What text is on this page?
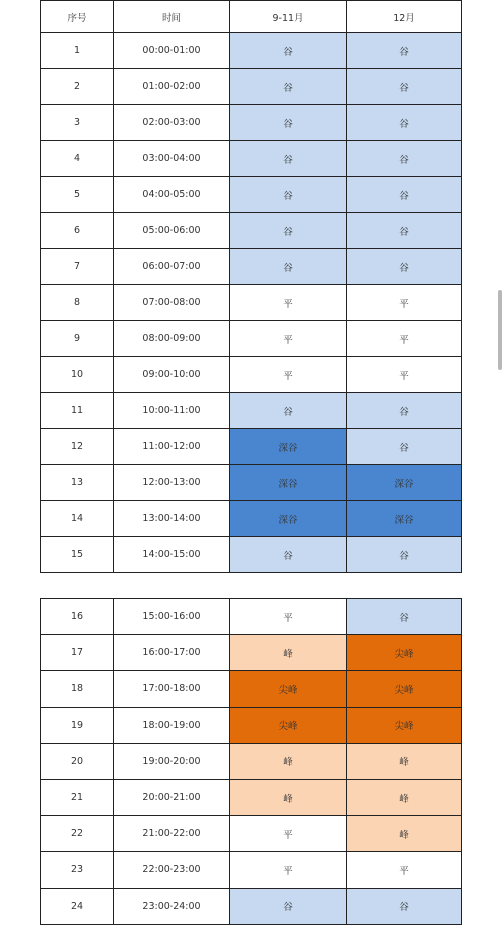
序号	时间	9-11月	12月
1	00:00-01:00	谷	谷
2	01:00-02:00	谷	谷
3	02:00-03:00	谷	谷
4	03:00-04:00	谷	谷
5	04:00-05:00	谷	谷
6	05:00-06:00	谷	谷
7	06:00-07:00	谷	谷
8	07:00-08:00	平	平
9	08:00-09:00	平	平
10	09:00-10:00	平	平
11	10:00-11:00	谷	谷
12	11:00-12:00	深谷	谷
13	12:00-13:00	深谷	深谷
14	13:00-14:00	深谷	深谷
15	14:00-15:00	谷	谷
16	15:00-16:00	平	谷
17	16:00-17:00	峰	尖峰
18	17:00-18:00	尖峰	尖峰
19	18:00-19:00	尖峰	尖峰
20	19:00-20:00	峰	峰
21	20:00-21:00	峰	峰
22	21:00-22:00	平	峰
23	22:00-23:00	平	平
24	23:00-24:00	谷	谷
